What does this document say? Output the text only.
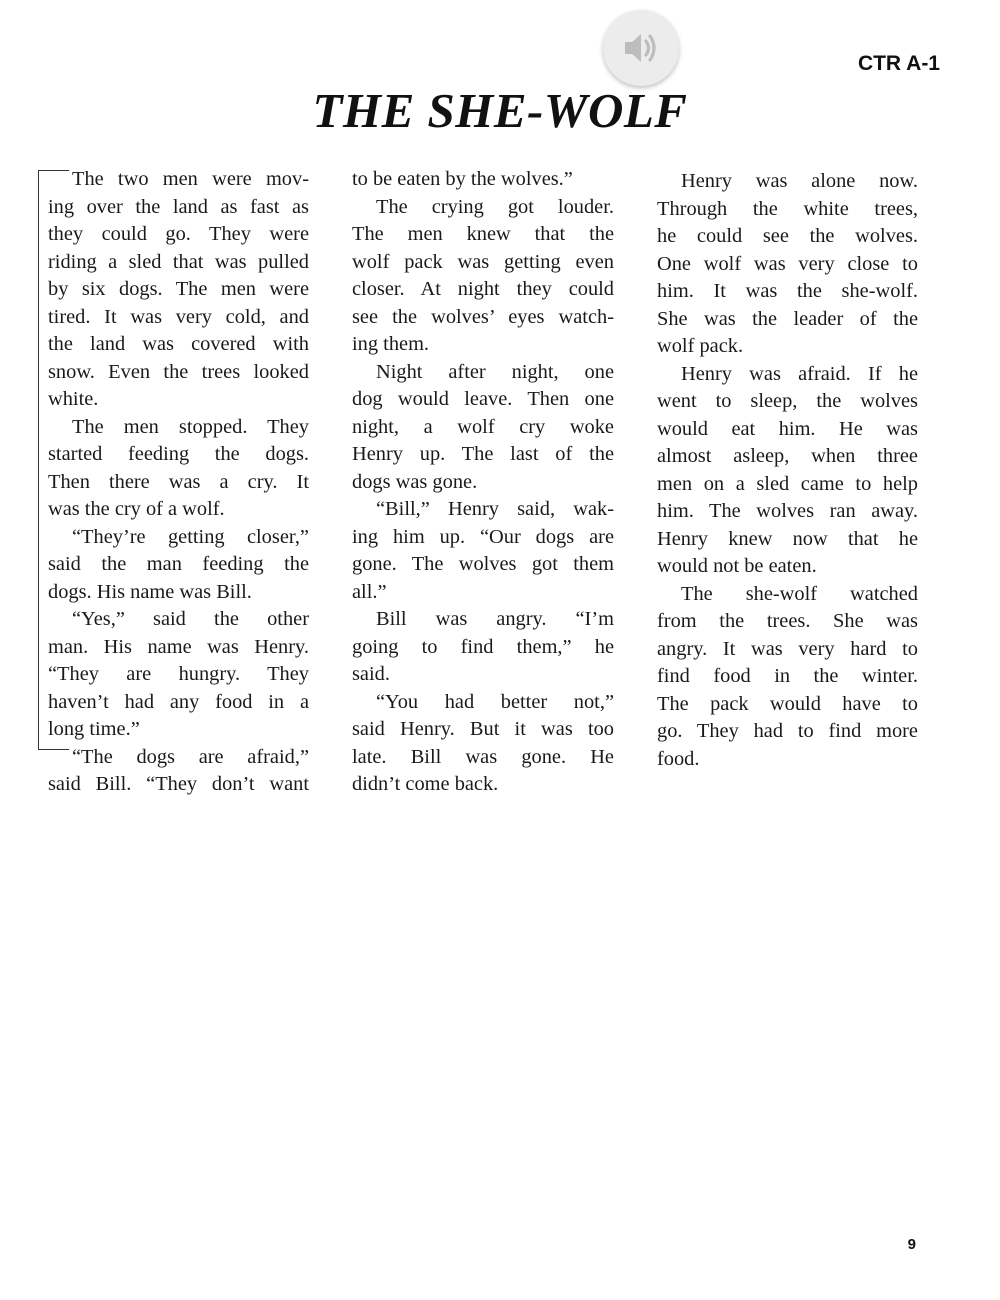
CTR A-1
THE SHE-WOLF
The two men were mov-
ing over the land as fast as
they could go. They were
riding a sled that was pulled
by six dogs. The men were
tired. It was very cold, and
the land was covered with
snow. Even the trees looked
white.
The men stopped. They
started feeding the dogs.
Then there was a cry. It
was the cry of a wolf.
“They’re getting closer,”
said the man feeding the
dogs. His name was Bill.
“Yes,” said the other
man. His name was Henry.
“They are hungry. They
haven’t had any food in a
long time.”
“The dogs are afraid,”
said Bill. “They don’t want
to be eaten by the wolves.”
The crying got louder.
The men knew that the
wolf pack was getting even
closer. At night they could
see the wolves’ eyes watch-
ing them.
Night after night, one
dog would leave. Then one
night, a wolf cry woke
Henry up. The last of the
dogs was gone.
“Bill,” Henry said, wak-
ing him up. “Our dogs are
gone. The wolves got them
all.”
Bill was angry. “I’m
going to find them,” he
said.
“You had better not,”
said Henry. But it was too
late. Bill was gone. He
didn’t come back.
Henry was alone now.
Through the white trees,
he could see the wolves.
One wolf was very close to
him. It was the she-wolf.
She was the leader of the
wolf pack.
Henry was afraid. If he
went to sleep, the wolves
would eat him. He was
almost asleep, when three
men on a sled came to help
him. The wolves ran away.
Henry knew now that he
would not be eaten.
The she-wolf watched
from the trees. She was
angry. It was very hard to
find food in the winter.
The pack would have to
go. They had to find more
food.
9
